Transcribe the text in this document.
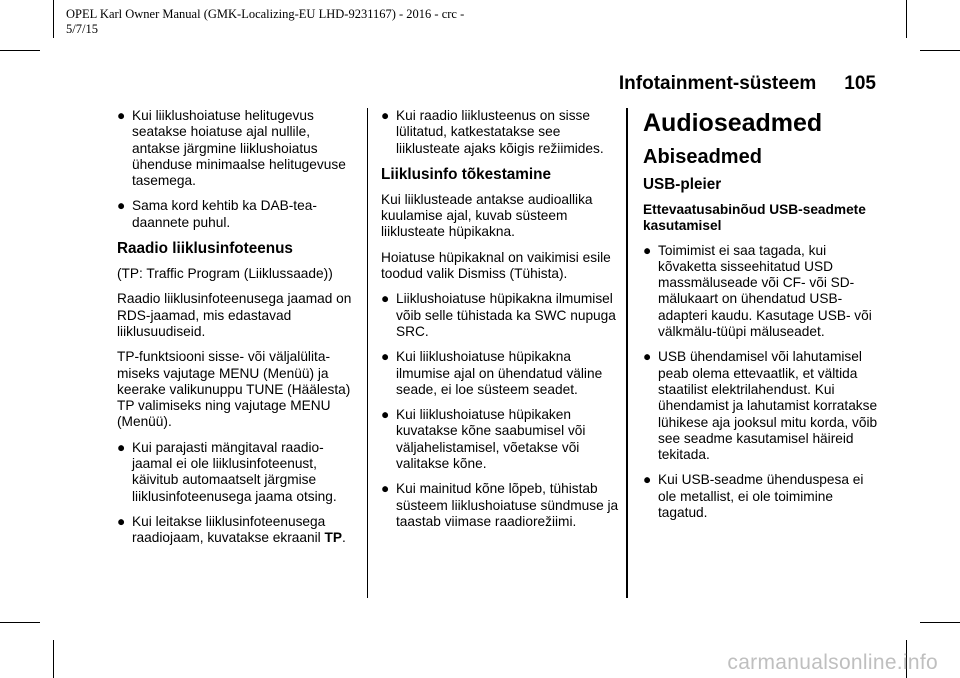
OPEL Karl Owner Manual (GMK-Localizing-EU LHD-9231167) - 2016 - crc -
5/7/15
Infotainment-süsteem 105
● Kui liiklushoiatuse helitugevus seatakse hoiatuse ajal nullile, antakse järgmine liiklushoiatus ühenduse minimaalse helitugevuse tasemega.
● Sama kord kehtib ka DAB-teadaannete puhul.
Raadio liiklusinfoteenus

(TP: Traffic Program (Liiklussaade))

Raadio liiklusinfoteenusega jaamad on RDS-jaamad, mis edastavad liiklusuudiseid.

TP-funktsiooni sisse- või väljalülitamiseks vajutage MENU (Menüü) ja keerake valikunuppu TUNE (Häälesta) TP valimiseks ning vajutage MENU (Menüü).

● Kui parajasti mängitaval raadiojaamal ei ole liiklusinfoteenust, käivitub automaatselt järgmise liiklusinfoteenusega jaama otsing.
● Kui leitakse liiklusinfoteenusega raadiojaam, kuvatakse ekraanil TP.
● Kui raadio liiklusteenus on sisse lülitatud, katkestatakse see liiklusteate ajaks kõigis režiimides.
Liiklusinfo tõkestamine

Kui liiklusteade antakse audioallika kuulamise ajal, kuvab süsteem liiklusteate hüpikakna.

Hoiatuse hüpikaknal on vaikimisi esile toodud valik Dismiss (Tühista).

● Liiklushoiatuse hüpikakna ilmumisel võib selle tühistada ka SWC nupuga SRC.
● Kui liiklushoiatuse hüpikakna ilmumise ajal on ühendatud väline seade, ei loe süsteem seadet.
● Kui liiklushoiatuse hüpikaken kuvatakse kõne saabumisel või väljahelistamisel, võetakse või valitakse kõne.
● Kui mainitud kõne lõpeb, tühistab süsteem liiklushoiatuse sündmuse ja taastab viimase raadiorežiimi.
Audioseadmed
Abiseadmed
USB-pleier
Ettevaatusabinõud USB-seadmete kasutamisel
● Toimimist ei saa tagada, kui kõvaketta sisseehitatud USD massmäluseade või CF- või SD-mälukaart on ühendatud USB-adapteri kaudu. Kasutage USB- või välkmälu-tüüpi mäluseadet.
● USB ühendamisel või lahutamisel peab olema ettevaatlik, et vältida staatilist elektrilahendust. Kui ühendamist ja lahutamist korratakse lühikese aja jooksul mitu korda, võib see seadme kasutamisel häireid tekitada.
● Kui USB-seadme ühenduspesa ei ole metallist, ei ole toimimine tagatud.
carmanualsonline.info
